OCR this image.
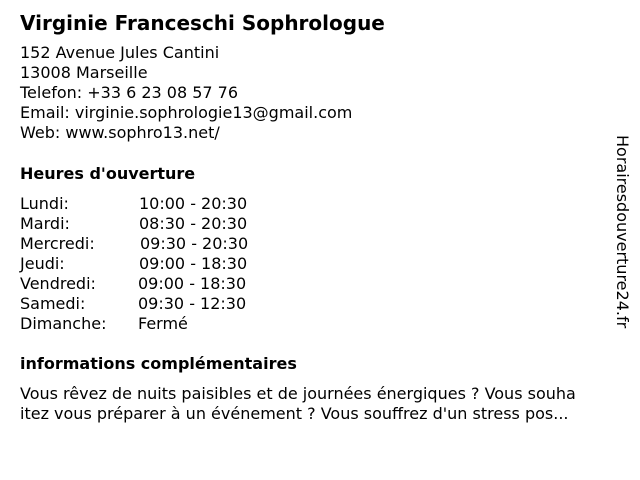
Virginie Franceschi Sophrologue
152 Avenue Jules Cantini
13008 Marseille
Telefon: +33 6 23 08 57 76
Email: virginie.sophrologie13@gmail.com
Web: www.sophro13.net/
Heures d'ouverture
Lundi:	10:00 - 20:30
Mardi:	08:30 - 20:30
Mercredi:	09:30 - 20:30
Jeudi:	09:00 - 18:30
Vendredi:	09:00 - 18:30
Samedi:	09:30 - 12:30
Dimanche: Fermé
informations complémentaires
Vous rêvez de nuits paisibles et de journées énergiques ? Vous souha
itez vous préparer à un événement ? Vous souffrez d'un stress pos...
Horairesdouverture24.fr
